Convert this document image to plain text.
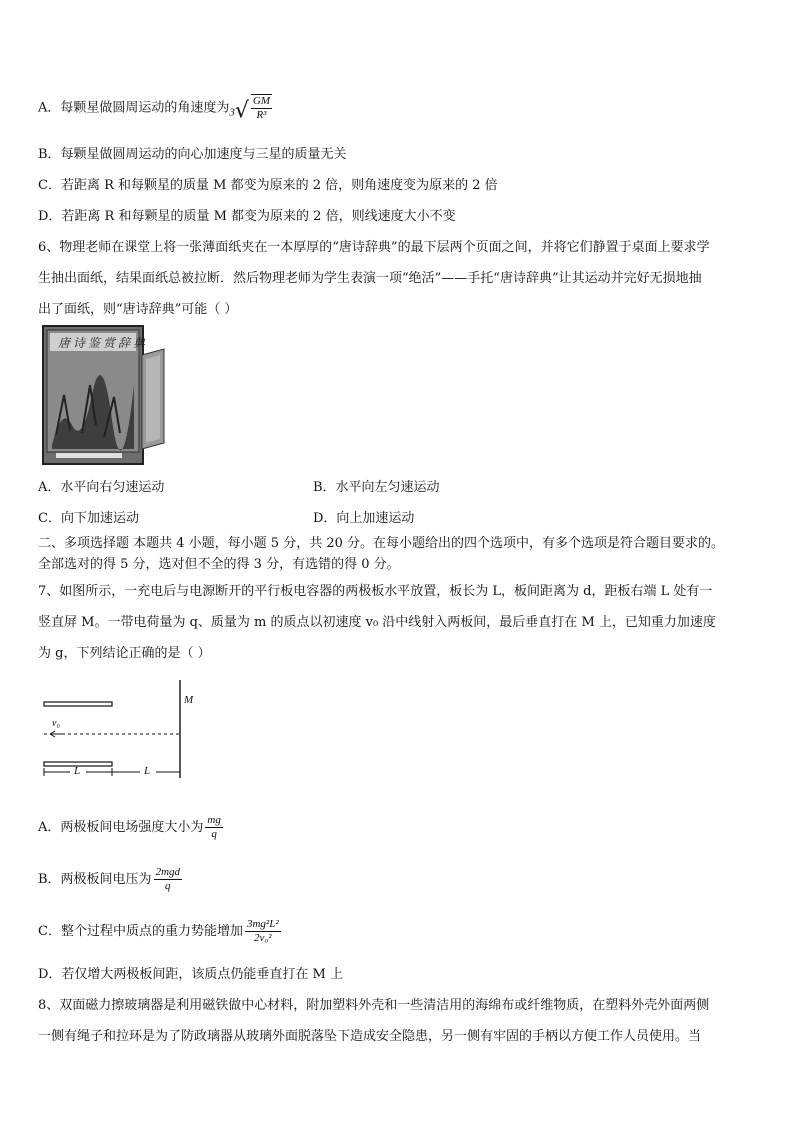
A．每颗星做圆周运动的角速度为$_3√ \frac{GM}{\text{R³}}$
B．每颗星做圆周运动的向心加速度与三星的质量无关
C．若距离 R 和每颗星的质量 M 都变为原来的 2 倍，则角速度变为原来的 2 倍
D．若距离 R 和每颗星的质量 M 都变为原来的 2 倍，则线速度大小不变
6、物理老师在课堂上将一张薄面纸夹在一本厚厚的“唐诗辞典”的最下层两个页面之间，并将它们静置于桌面上要求学
生抽出面纸，结果面纸总被拉断．然后物理老师为学生表演一项“绝活”——手托“唐诗辞典”让其运动并完好无损地抽
出了面纸，则“唐诗辞典”可能（ ）
唐诗鉴赏辞典
A．水平向右匀速运动	B．水平向左匀速运动
C．向下加速运动	D．向上加速运动
二、多项选择题 本题共 4 小题，每小题 5 分，共 20 分。在每小题给出的四个选项中，有多个选项是符合题目要求的。
全部选对的得 5 分，选对但不全的得 3 分，有选错的得 0 分。
7、如图所示，一充电后与电源断开的平行板电容器的两极板水平放置，板长为 L，板间距离为 d，距板右端 L 处有一
竖直屏 M。一带电荷量为 q、质量为 m 的质点以初速度 v₀ 沿中线射入两板间，最后垂直打在 M 上，已知重力加速度
为 g，下列结论正确的是（ ）
M
v₀
L	L
A．两极板间电场强度大小为 $\frac{mg}{q}$
B．两极板间电压为 $\frac{\text{2mgd}}{q}$
C．整个过程中质点的重力势能增加 $\frac{\text{3mg²L²}}{\text{2v₀²}}$
D．若仅增大两极板间距，该质点仍能垂直打在 M 上
8、双面磁力擦玻璃器是利用磁铁做中心材料，附加塑料外壳和一些清洁用的海绵布或纤维物质，在塑料外壳外面两侧
一侧有绳子和拉环是为了防政璃器从玻璃外面脱落坠下造成安全隐患，另一侧有牢固的手柄以方便工作人员使用。当
